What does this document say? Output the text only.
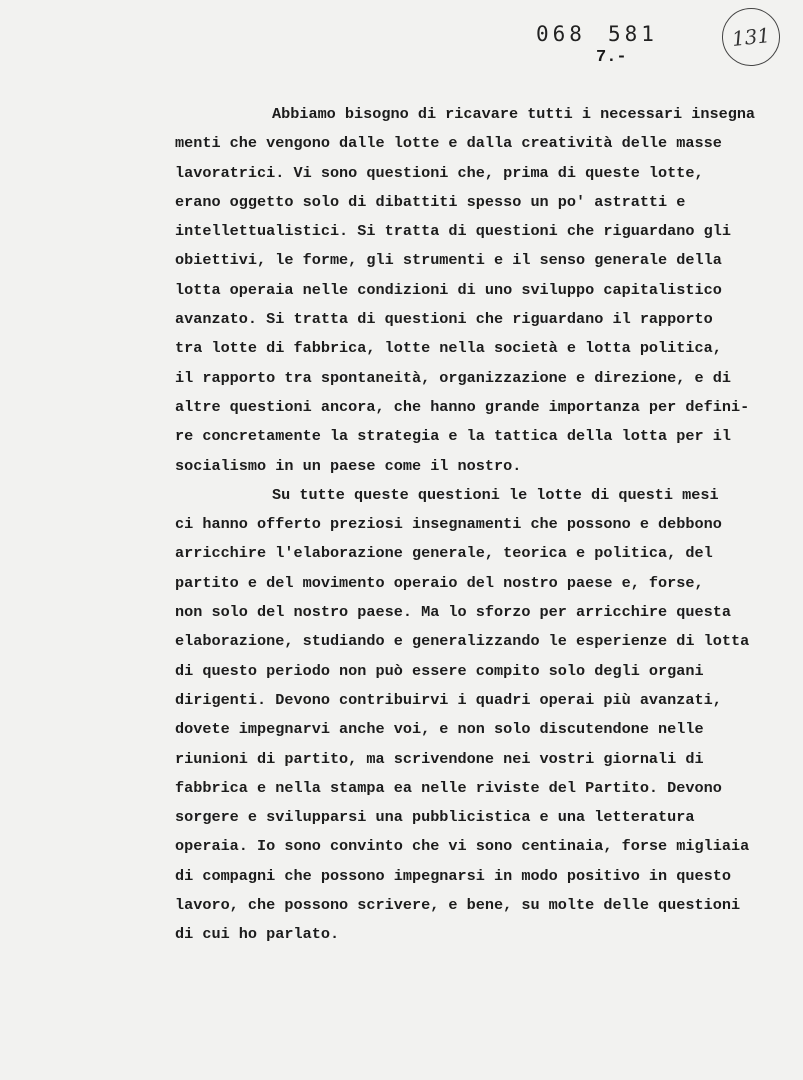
068 581
7.-
131
Abbiamo bisogno di ricavare tutti i necessari insegna
menti che vengono dalle lotte e dalla creatività delle masse
lavoratrici. Vi sono questioni che, prima di queste lotte,
erano oggetto solo di dibattiti spesso un po' astratti e
intellettualistici. Si tratta di questioni che riguardano gli
obiettivi, le forme, gli strumenti e il senso generale della
lotta operaia nelle condizioni di uno sviluppo capitalistico
avanzato. Si tratta di questioni che riguardano il rapporto
tra lotte di fabbrica, lotte nella società e lotta politica,
il rapporto tra spontaneità, organizzazione e direzione, e di
altre questioni ancora, che hanno grande importanza per defini-
re concretamente la strategia e la tattica della lotta per il
socialismo in un paese come il nostro.
Su tutte queste questioni le lotte di questi mesi
ci hanno offerto preziosi insegnamenti che possono e debbono
arricchire l'elaborazione generale, teorica e politica, del
partito e del movimento operaio del nostro paese e, forse,
non solo del nostro paese. Ma lo sforzo per arricchire questa
elaborazione, studiando e generalizzando le esperienze di lotta
di questo periodo non può essere compito solo degli organi
dirigenti. Devono contribuirvi i quadri operai più avanzati,
dovete impegnarvi anche voi, e non solo discutendone nelle
riunioni di partito, ma scrivendone nei vostri giornali di
fabbrica e nella stampa ea nelle riviste del Partito. Devono
sorgere e svilupparsi una pubblicistica e una letteratura
operaia. Io sono convinto che vi sono centinaia, forse migliaia
di compagni che possono impegnarsi in modo positivo in questo
lavoro, che possono scrivere, e bene, su molte delle questioni
di cui ho parlato.
